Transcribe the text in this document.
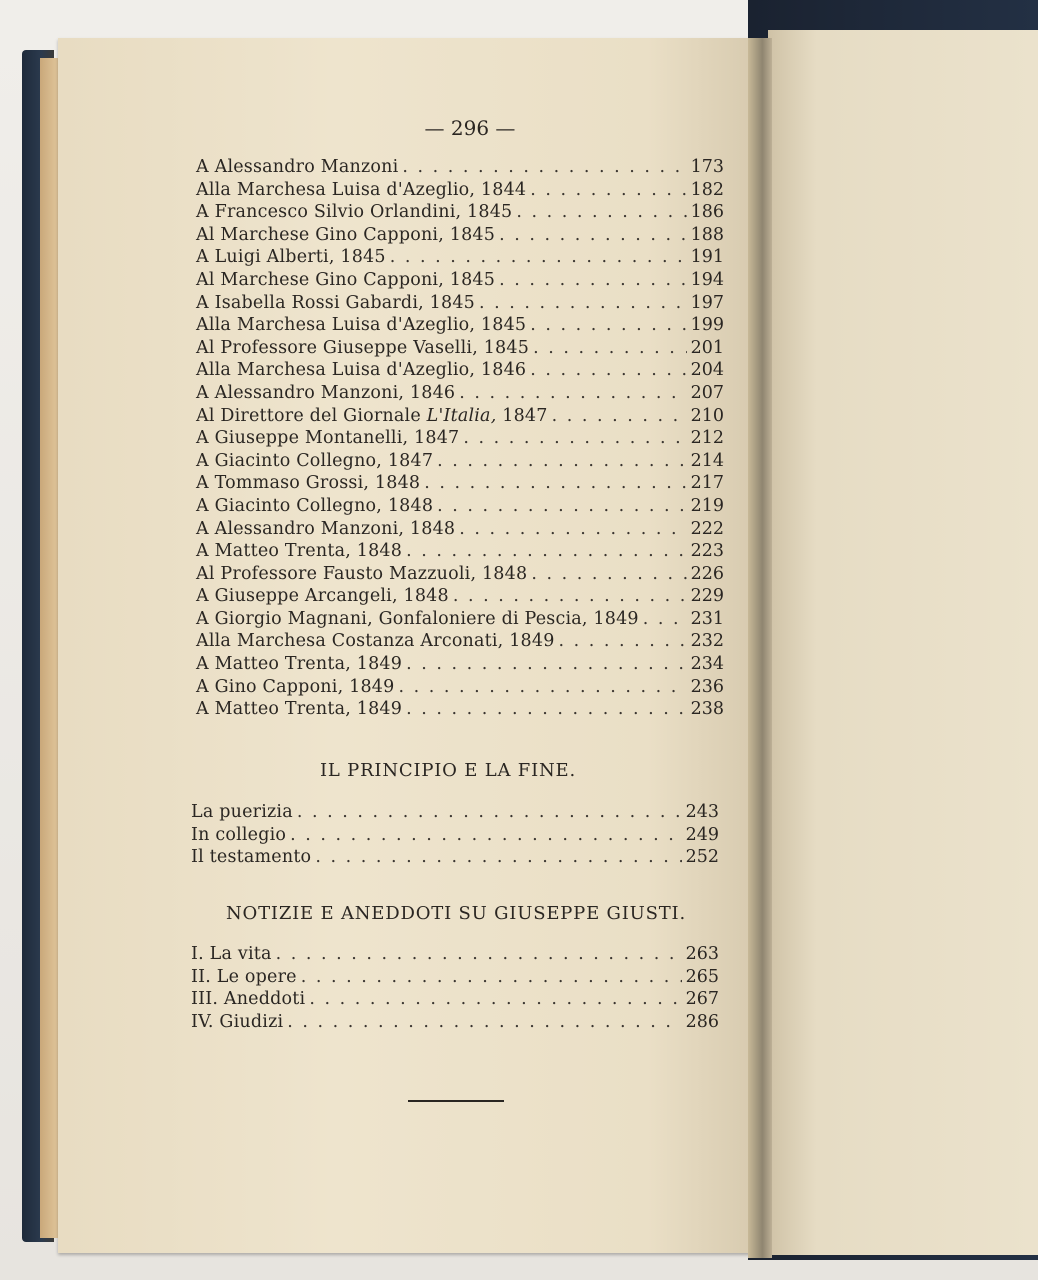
— 296 —
A Alessandro Manzoni . . .	173
Alla Marchesa Luisa d'Azeglio, 1844 . . .	182
A Francesco Silvio Orlandini, 1845 . . .	186
Al Marchese Gino Capponi, 1845 . . .	188
A Luigi Alberti, 1845 . . .	191
Al Marchese Gino Capponi, 1845 . . .	194
A Isabella Rossi Gabardi, 1845 . . .	197
Alla Marchesa Luisa d'Azeglio, 1845 . . .	199
Al Professore Giuseppe Vaselli, 1845 . . .	201
Alla Marchesa Luisa d'Azeglio, 1846 . . .	204
A Alessandro Manzoni, 1846 . . .	207
Al Direttore del Giornale L'Italia, 1847 . . .	210
A Giuseppe Montanelli, 1847 . . .	212
A Giacinto Collegno, 1847 . . .	214
A Tommaso Grossi, 1848 . . .	217
A Giacinto Collegno, 1848 . . .	219
A Alessandro Manzoni, 1848 . . .	222
A Matteo Trenta, 1848 . . .	223
Al Professore Fausto Mazzuoli, 1848 . . .	226
A Giuseppe Arcangeli, 1848 . . .	229
A Giorgio Magnani, Gonfaloniere di Pescia, 1849 . . .	231
Alla Marchesa Costanza Arconati, 1849 . . .	232
A Matteo Trenta, 1849 . . .	234
A Gino Capponi, 1849 . . .	236
A Matteo Trenta, 1849 . . .	238
IL PRINCIPIO E LA FINE.
La puerizia . . .	243
In collegio . . .	249
Il testamento . . .	252
NOTIZIE E ANEDDOTI SU GIUSEPPE GIUSTI.
I. La vita . . .	263
II. Le opere . . .	265
III. Aneddoti . . .	267
IV. Giudizi . . .	286
